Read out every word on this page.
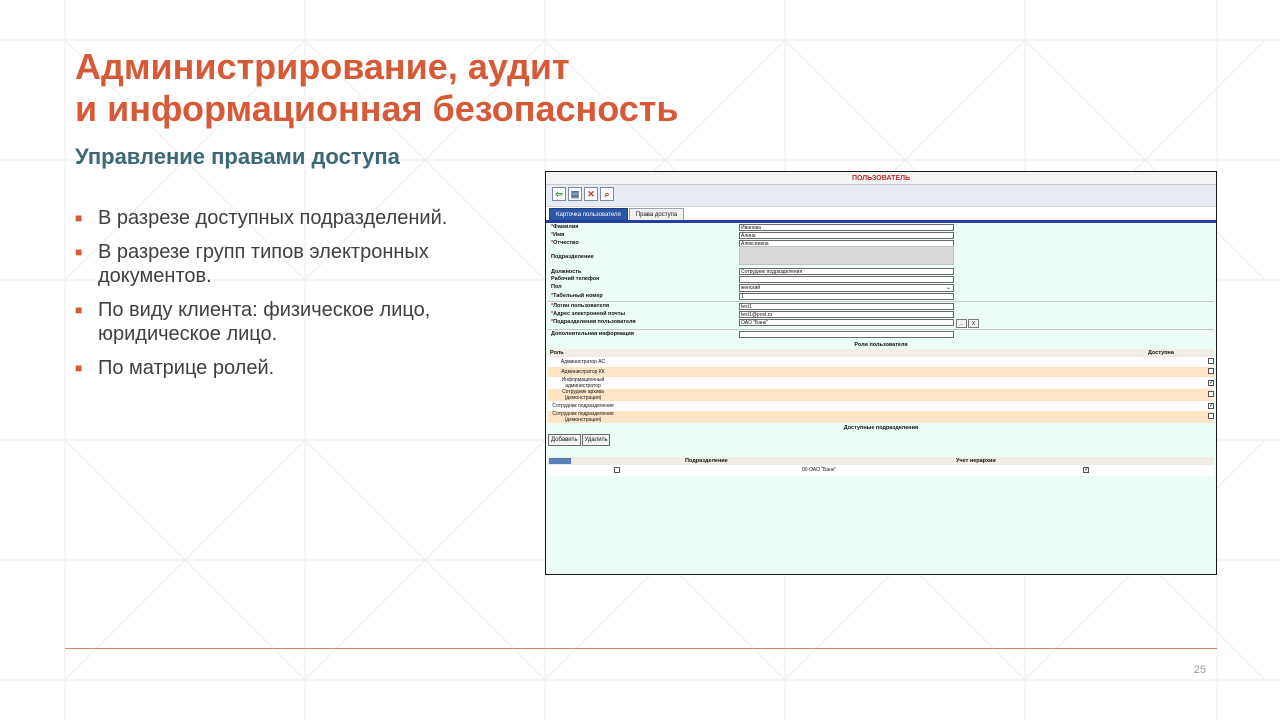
Администрирование, аудит
и информационная безопасность
Управление правами доступа
■ В разрезе доступных подразделений.
■ В разрезе групп типов электронных документов.
■ По виду клиента: физическое лицо, юридическое лицо.
■ По матрице ролей.
ПОЛЬЗОВАТЕЛЬ
⇦ ▤ ✕	⌕
Карточка пользователя	Права доступа
*Фамилия	Иванова
*Имя	Алина
*Отчество	Алексеевна
Подразделение
Должность	Сотрудник подразделения
Рабочий телефон
Пол	женский	⌄
*Табельный номер	1
*Логин пользователя	test1
*Адрес электронной почты	test1@post.ru
*Подразделения пользователя	ОАО "Банк"	...	X
Дополнительная информация
Роли пользователя
Роль	Доступна
Администратор АС	
Администратор КК	
Информационный администратор	✓
Сотрудник архива (демонстрация)	
Сотрудник подразделения	✓
Сотрудник подразделения (демонстрация)	
Доступные подразделения
Добавить	Удалить
Подразделение	Учет иерархии
00 ОАО "Банк"	✓
25
